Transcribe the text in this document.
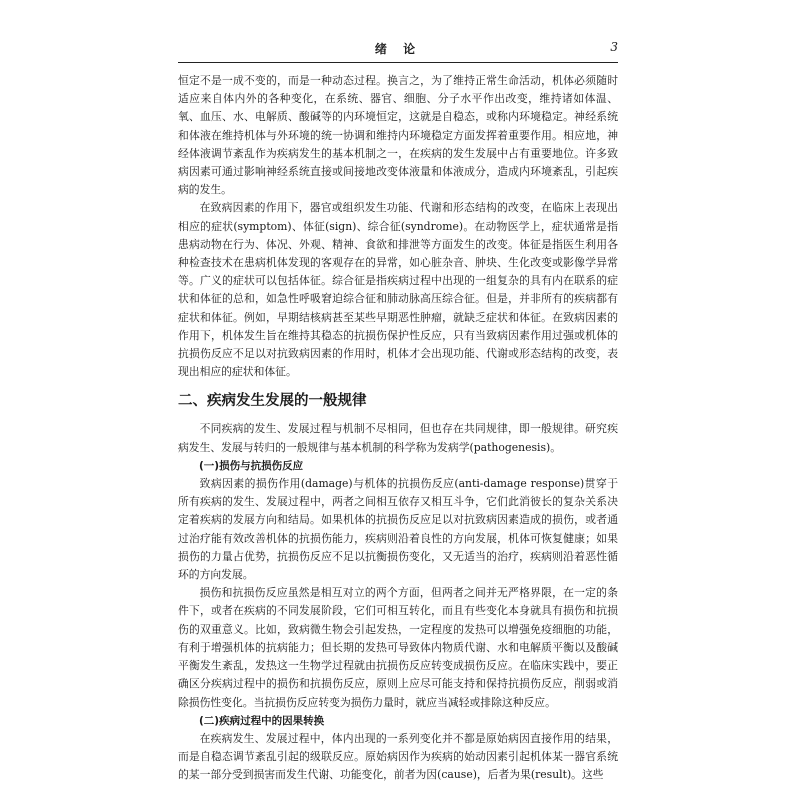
绪 论	3

恒定不是一成不变的，而是一种动态过程。换言之，为了维持正常生命活动，机体必须随时适应来自体内外的各种变化，在系统、器官、细胞、分子水平作出改变，维持诸如体温、氧、血压、水、电解质、酸碱等的内环境恒定，这就是自稳态，或称内环境稳定。神经系统和体液在维持机体与外环境的统一协调和维持内环境稳定方面发挥着重要作用。相应地，神经体液调节紊乱作为疾病发生的基本机制之一，在疾病的发生发展中占有重要地位。许多致病因素可通过影响神经系统直接或间接地改变体液量和体液成分，造成内环境紊乱，引起疾病的发生。

在致病因素的作用下，器官或组织发生功能、代谢和形态结构的改变，在临床上表现出相应的症状(symptom)、体征(sign)、综合征(syndrome)。在动物医学上，症状通常是指患病动物在行为、体况、外观、精神、食欲和排泄等方面发生的改变。体征是指医生利用各种检查技术在患病机体发现的客观存在的异常，如心脏杂音、肿块、生化改变或影像学异常等。广义的症状可以包括体征。综合征是指疾病过程中出现的一组复杂的具有内在联系的症状和体征的总和，如急性呼吸窘迫综合征和肺动脉高压综合征。但是，并非所有的疾病都有症状和体征。例如，早期结核病甚至某些早期恶性肿瘤，就缺乏症状和体征。在致病因素的作用下，机体发生旨在维持其稳态的抗损伤保护性反应，只有当致病因素作用过强或机体的抗损伤反应不足以对抗致病因素的作用时，机体才会出现功能、代谢或形态结构的改变，表现出相应的症状和体征。

二、疾病发生发展的一般规律

不同疾病的发生、发展过程与机制不尽相同，但也存在共同规律，即一般规律。研究疾病发生、发展与转归的一般规律与基本机制的科学称为发病学(pathogenesis)。

(一)损伤与抗损伤反应

致病因素的损伤作用(damage)与机体的抗损伤反应(anti-damage response)贯穿于所有疾病的发生、发展过程中，两者之间相互依存又相互斗争，它们此消彼长的复杂关系决定着疾病的发展方向和结局。如果机体的抗损伤反应足以对抗致病因素造成的损伤，或者通过治疗能有效改善机体的抗损伤能力，疾病则沿着良性的方向发展，机体可恢复健康；如果损伤的力量占优势，抗损伤反应不足以抗衡损伤变化，又无适当的治疗，疾病则沿着恶性循环的方向发展。

损伤和抗损伤反应虽然是相互对立的两个方面，但两者之间并无严格界限，在一定的条件下，或者在疾病的不同发展阶段，它们可相互转化，而且有些变化本身就具有损伤和抗损伤的双重意义。比如，致病微生物会引起发热，一定程度的发热可以增强免疫细胞的功能，有利于增强机体的抗病能力；但长期的发热可导致体内物质代谢、水和电解质平衡以及酸碱平衡发生紊乱，发热这一生物学过程就由抗损伤反应转变成损伤反应。在临床实践中，要正确区分疾病过程中的损伤和抗损伤反应，原则上应尽可能支持和保持抗损伤反应，削弱或消除损伤性变化。当抗损伤反应转变为损伤力量时，就应当减轻或排除这种反应。

(二)疾病过程中的因果转换

在疾病发生、发展过程中，体内出现的一系列变化并不都是原始病因直接作用的结果，而是自稳态调节紊乱引起的级联反应。原始病因作为疾病的始动因素引起机体某一器官系统的某一部分受到损害而发生代谢、功能变化，前者为因(cause)，后者为果(result)。这些
